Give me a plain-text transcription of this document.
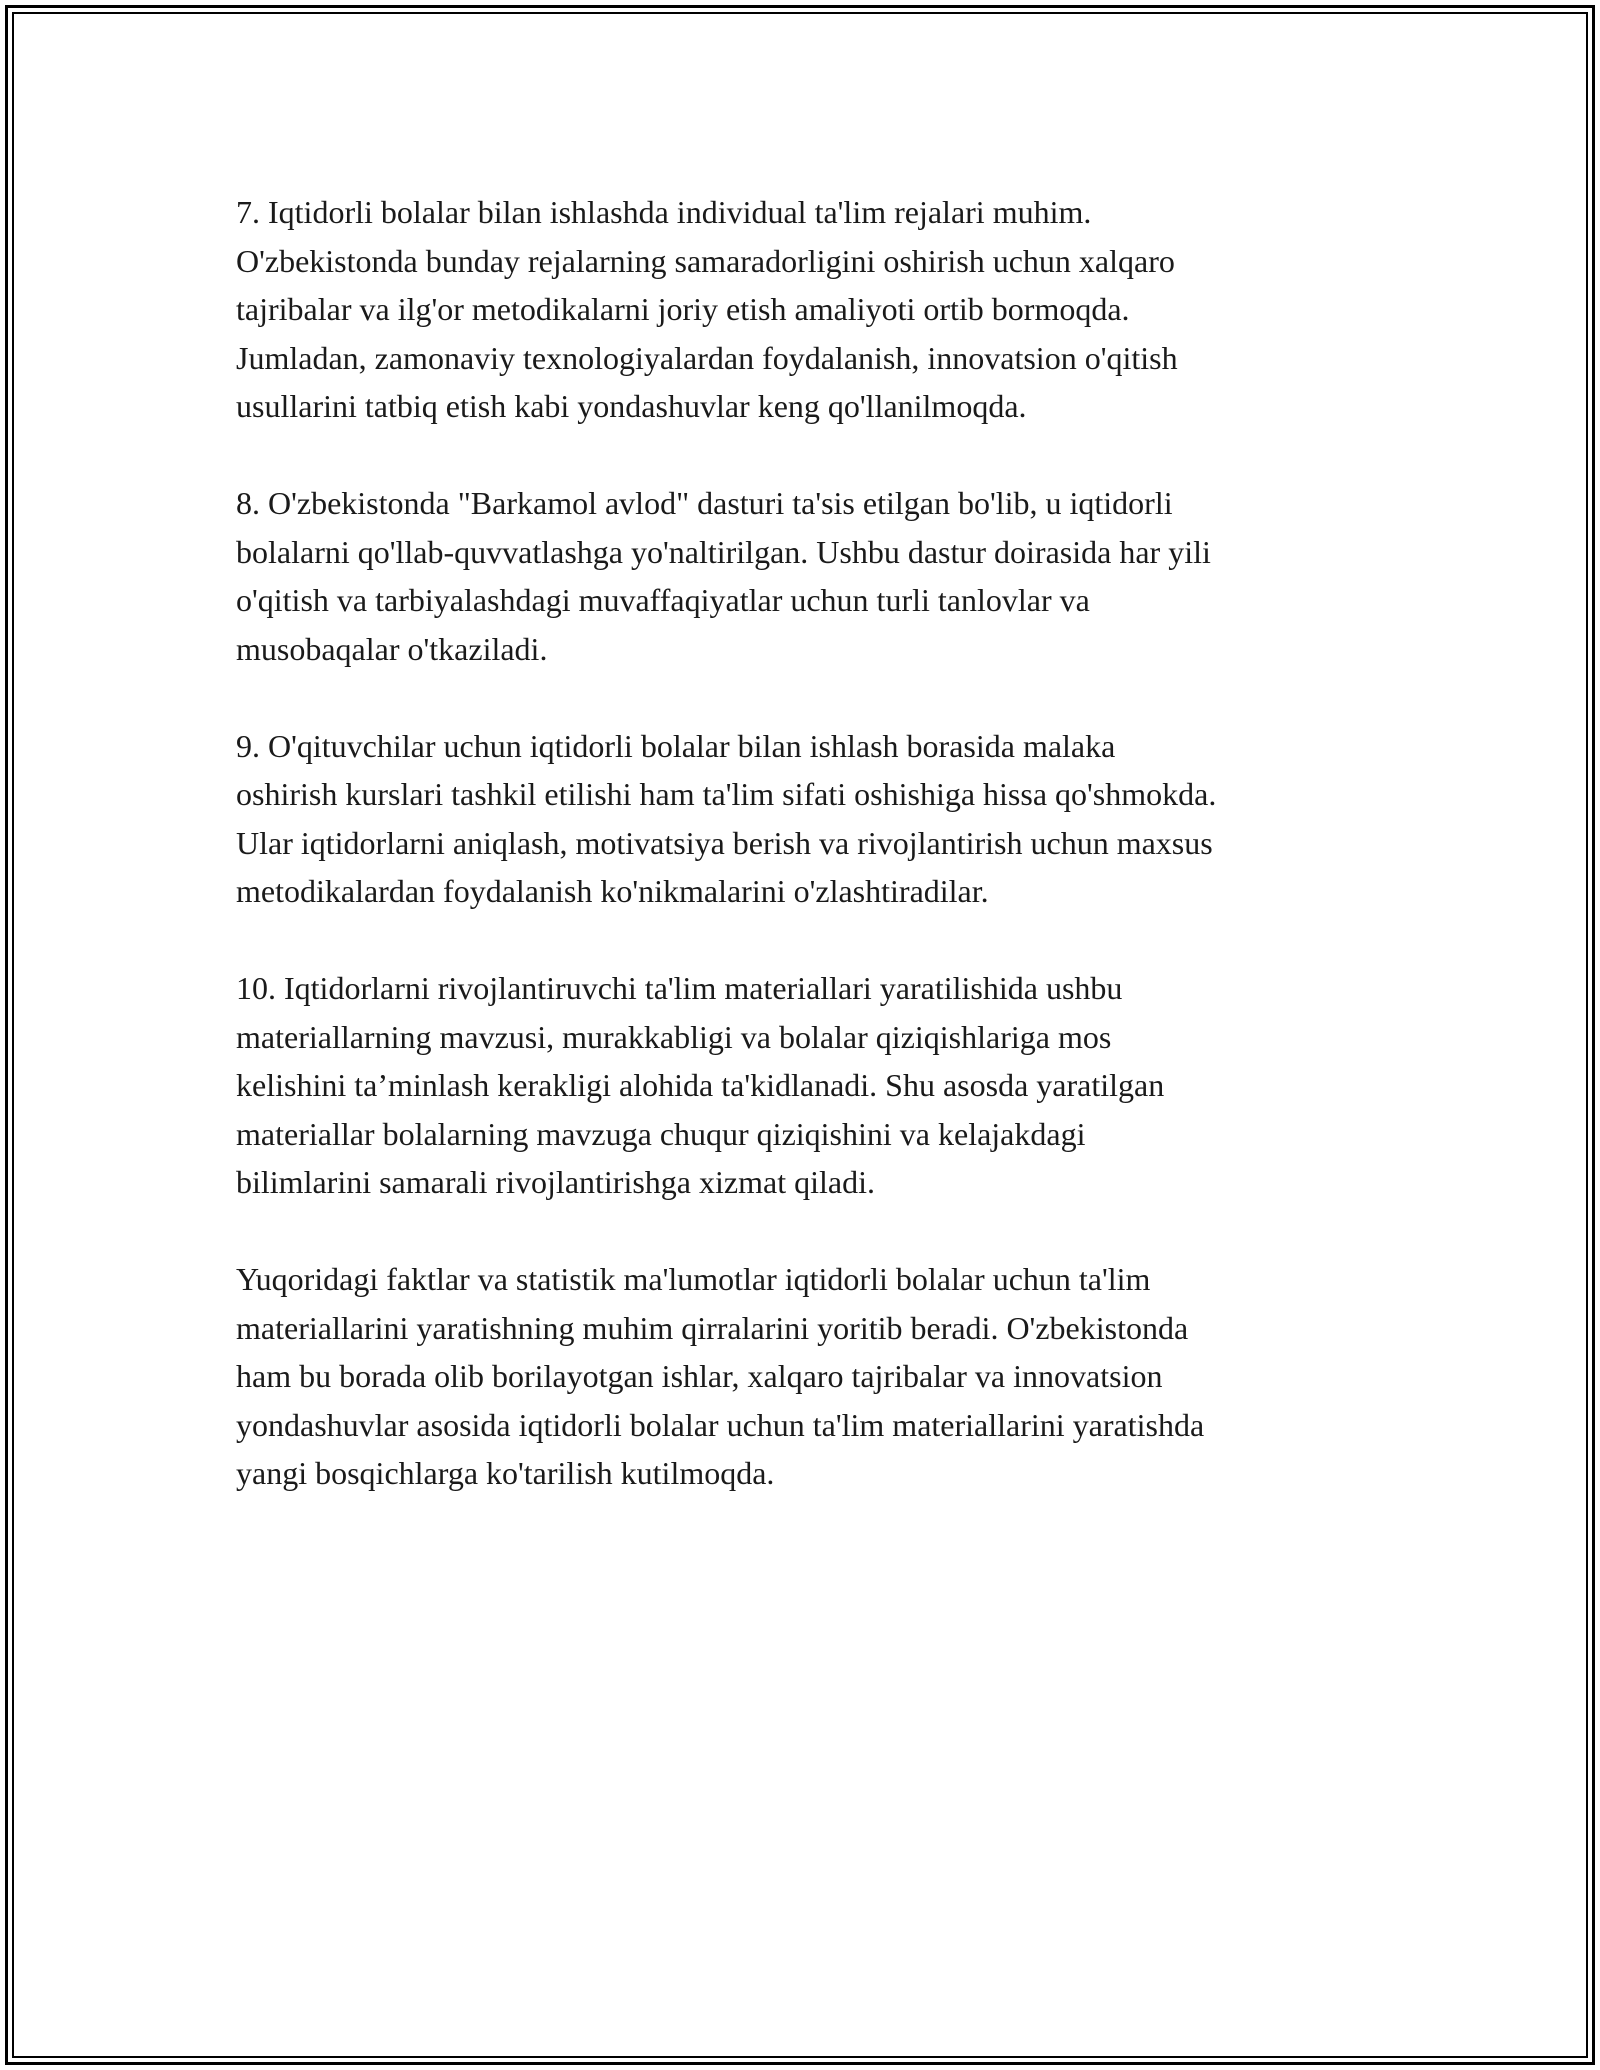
7. Iqtidorli bolalar bilan ishlashda individual ta'lim rejalari muhim.
O'zbekistonda bunday rejalarning samaradorligini oshirish uchun xalqaro
tajribalar va ilg'or metodikalarni joriy etish amaliyoti ortib bormoqda.
Jumladan, zamonaviy texnologiyalardan foydalanish, innovatsion o'qitish
usullarini tatbiq etish kabi yondashuvlar keng qo'llanilmoqda.

8. O'zbekistonda "Barkamol avlod" dasturi ta'sis etilgan bo'lib, u iqtidorli
bolalarni qo'llab-quvvatlashga yo'naltirilgan. Ushbu dastur doirasida har yili
o'qitish va tarbiyalashdagi muvaffaqiyatlar uchun turli tanlovlar va
musobaqalar o'tkaziladi.

9. O'qituvchilar uchun iqtidorli bolalar bilan ishlash borasida malaka
oshirish kurslari tashkil etilishi ham ta'lim sifati oshishiga hissa qo'shmokda.
Ular iqtidorlarni aniqlash, motivatsiya berish va rivojlantirish uchun maxsus
metodikalardan foydalanish ko'nikmalarini o'zlashtiradilar.

10. Iqtidorlarni rivojlantiruvchi ta'lim materiallari yaratilishida ushbu
materiallarning mavzusi, murakkabligi va bolalar qiziqishlariga mos
kelishini ta’minlash kerakligi alohida ta'kidlanadi. Shu asosda yaratilgan
materiallar bolalarning mavzuga chuqur qiziqishini va kelajakdagi
bilimlarini samarali rivojlantirishga xizmat qiladi.

Yuqoridagi faktlar va statistik ma'lumotlar iqtidorli bolalar uchun ta'lim
materiallarini yaratishning muhim qirralarini yoritib beradi. O'zbekistonda
ham bu borada olib borilayotgan ishlar, xalqaro tajribalar va innovatsion
yondashuvlar asosida iqtidorli bolalar uchun ta'lim materiallarini yaratishda
yangi bosqichlarga ko'tarilish kutilmoqda.
